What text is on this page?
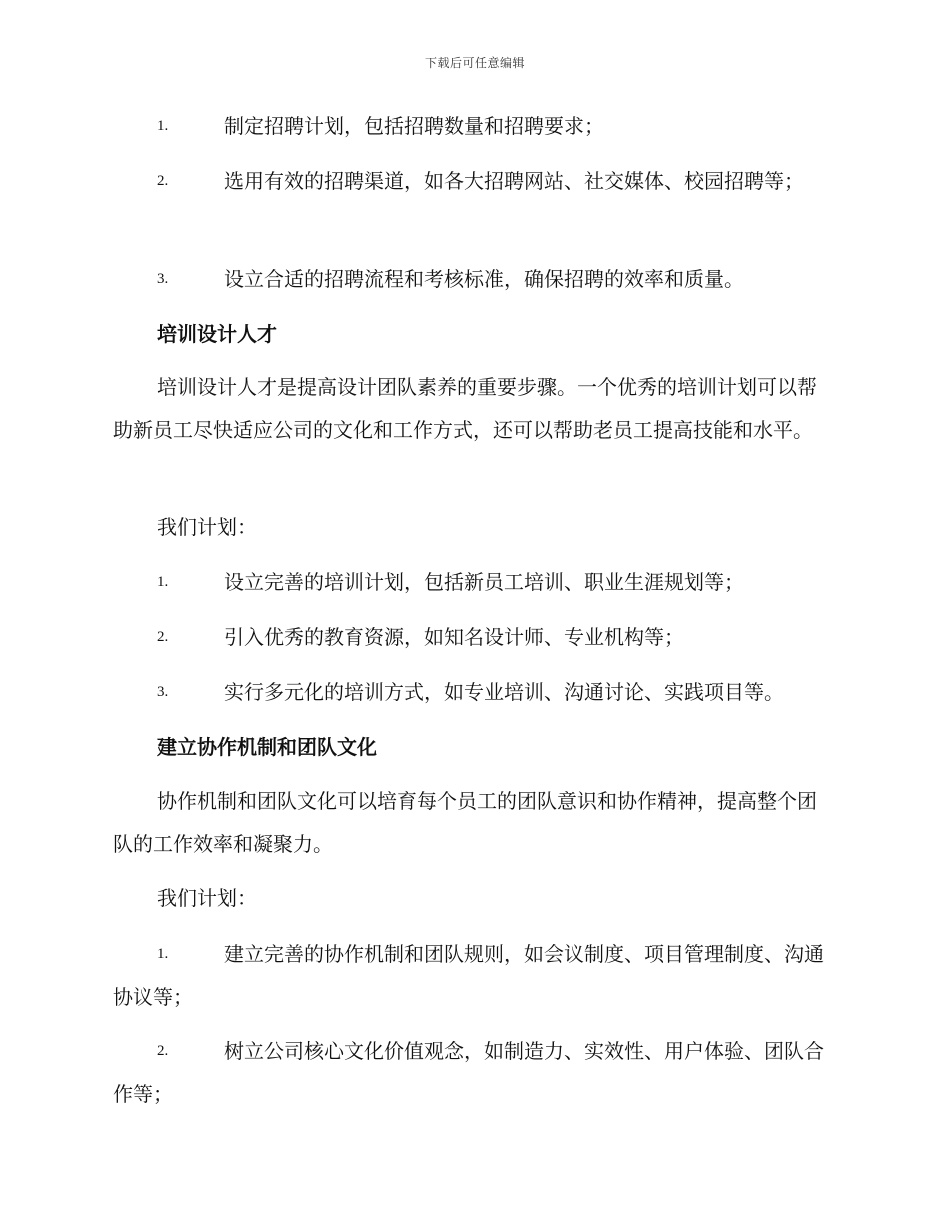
下载后可任意编辑
1.	制定招聘计划，包括招聘数量和招聘要求；
2.	选用有效的招聘渠道，如各大招聘网站、社交媒体、校园招聘等；
3.	设立合适的招聘流程和考核标准，确保招聘的效率和质量。
培训设计人才
培训设计人才是提高设计团队素养的重要步骤。一个优秀的培训计划可以帮助新员工尽快适应公司的文化和工作方式，还可以帮助老员工提高技能和水平。
我们计划：
1.	设立完善的培训计划，包括新员工培训、职业生涯规划等；
2.	引入优秀的教育资源，如知名设计师、专业机构等；
3.	实行多元化的培训方式，如专业培训、沟通讨论、实践项目等。
建立协作机制和团队文化
协作机制和团队文化可以培育每个员工的团队意识和协作精神，提高整个团队的工作效率和凝聚力。
我们计划：
1.	建立完善的协作机制和团队规则，如会议制度、项目管理制度、沟通协议等；
2.	树立公司核心文化价值观念，如制造力、实效性、用户体验、团队合作等；
